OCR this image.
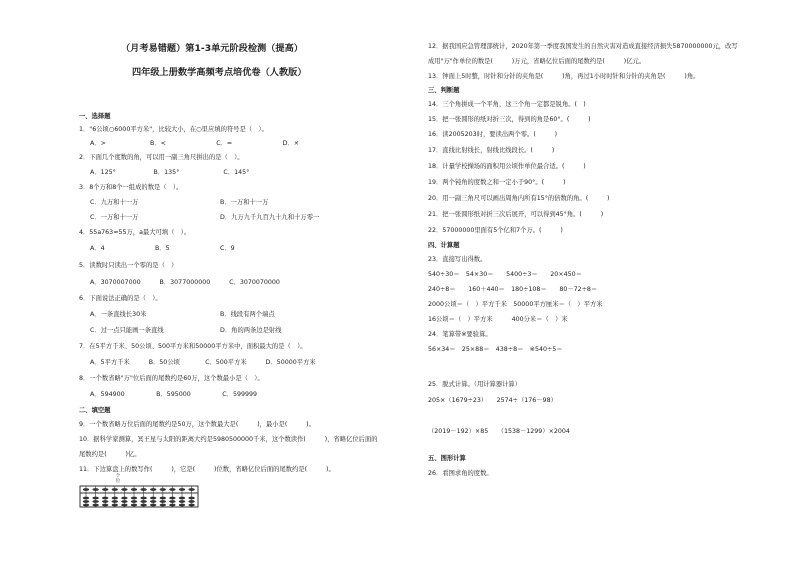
（月考易错题）第1-3单元阶段检测（提高）
四年级上册数学高频考点培优卷（人教版）
一、选择题
1．"6公顷○6000平方米"，比较大小，在○里应填的符号是（　）。
A．>　　　　　　　B．<　　　　　　　　C．=　　　　　　　　D．×
2．下面几个度数的角，可以用一副三角尺拼出的是（　）。
A．125°　　　　　　B．135°　　　　　　　C．145°
3．8个万和8个一组成的数是（　）。
C．九万和十一万	B．一万和十一万
C．一万和十一万	D．九万九千九百九十九和十万零一
4．55a763≈55万，a最大可填（　）。
A．4　　　　　　　　B．5　　　　　　　　C．9
5．读数时只读出一个零的是（　）
A．3070007000　　　B．3077000000　　　C．3070070000
6．下面说法正确的是（　）。
A．一条直线长30米	B．线段有两个端点
C．过一点只能画一条直线	D．角的两条边是射线
7．在5平方千米、50公顷、500平方米和50000平方米中，面积最大的是（　）。
A．5平方千米　　　B．50公顷　　　　C．500平方米　　　D．50000平方米
8．一个数省略"万"位后面的尾数约是60万，这个数最小是（　）。
A．594900　　　　　B．595000　　　　　C．599999
二、填空题
9．一个数省略万位后面的尾数约是50万，这个数最大是(　　　)，最小是(　　　)。
10．据科学家测算，冥王星与太阳的距离大约是5980500000千米，这个数读作(　　　)，省略亿位后面的
尾数约是(　　　)亿。
11．下边算盘上的数写作(　　　)，它是(　　　)位数，省略亿位后面的尾数约是(　　　)。
个位
12．据我国应急管理部统计，2020年第一季度我国发生的自然灾害对造成直接经济损失5870000000元，改写
成用"万"作单位的数是(　　　)万元，省略亿位后面的尾数约是(　　　)亿元。
13．钟面上5时整，时针和分针的夹角是(　　　)角，再过1小时时针和分针的夹角是(　　　)角。
三、判断题
14．三个角拼成一个平角，这三个角一定都是锐角。(　)
15．把一张圆形的纸对折三次，得到的角是60°。(　　　)
16．读2005203时，要读出两个零。(　　　)
17．直线比射线长，射线比线段长。(　　　)
18．计量学校操场的面积用公顷作单位最合适。(　　　)
19．两个钝角的度数之和一定小于90°。(　　　)
20．用一副三角尺可以画出周角内所有15°的倍数的角。(　　　)
21．把一张圆形纸对折三次后展开，可以得到45°角。(　　　)
22．57000000里面有5个亿和7个万。(　　　)
四、计算题
23．直接写出得数。
540÷30＝　54×30＝　　5400÷3＝　　20×450＝
240÷8＝　　160＋440＝　180÷108＝　　80－72÷8＝
2000公顷＝（　）平方千米　50000平方厘米＝（　）平方米
16公顷＝（　）平方米　　　400分米＝（　）米
24．笔算带※要验算。
56×34＝　25×88＝　438÷8＝　※540÷5＝
25．脱式计算。（用计算器计算）
205×（1679÷23）　　2574÷（176－98）
（2019－192）×85　　（1538－1299）×2004
五、图形计算
26．看图求角的度数。
